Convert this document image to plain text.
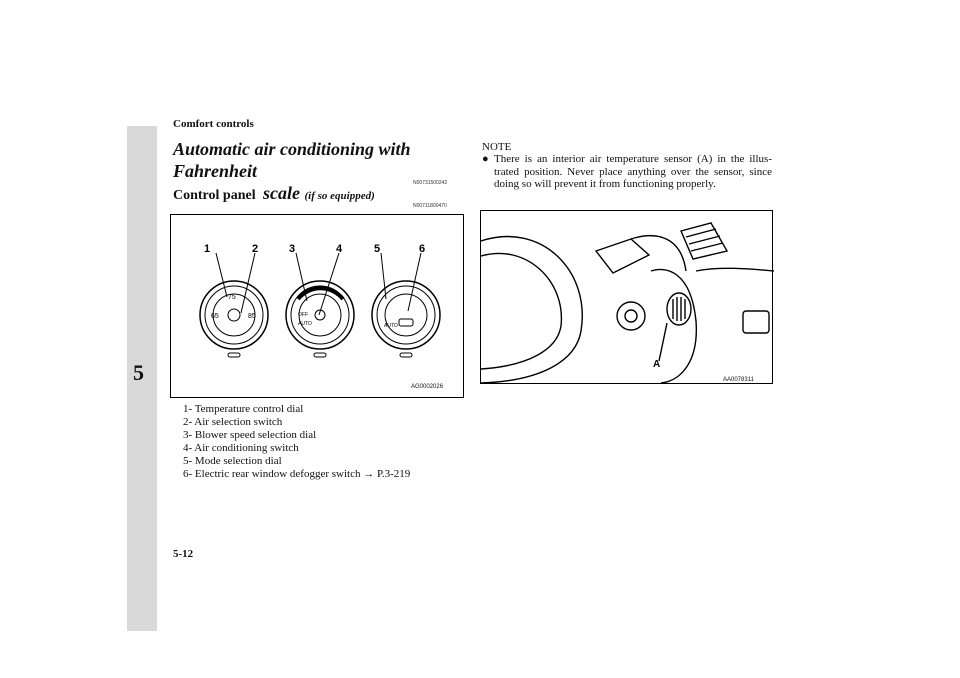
5
Comfort controls
Automatic air conditioning with Fahrenheit
scale (if so equipped)
N00731500242
Control panel
N00711800470
1	2	3	4	5	6
65
75
85	OFF
AUTO	AUTO
AG0002026
1- Temperature control dial
2- Air selection switch
3- Blower speed selection dial
4- Air conditioning switch
5- Mode selection dial
6- Electric rear window defogger switch → P.3-219
NOTE
● There is an interior air temperature sensor (A) in the illus-trated position. Never place anything over the sensor, since doing so will prevent it from functioning properly.

A
AA0078311
5-12
